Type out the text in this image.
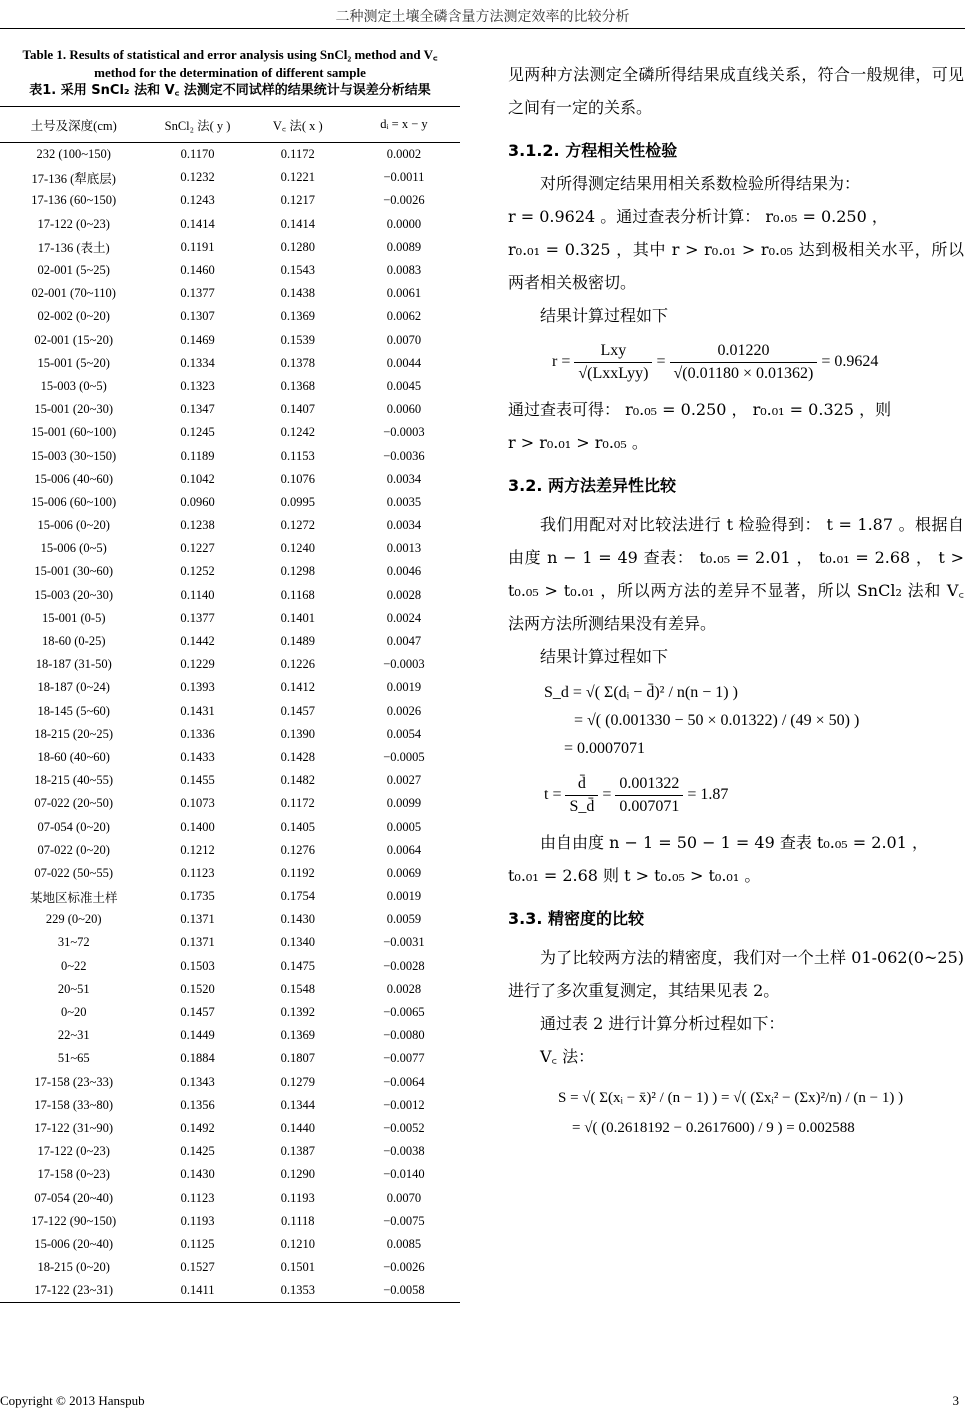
二种测定土壤全磷含量方法测定效率的比较分析
Table 1. Results of statistical and error analysis using SnCl₂ method and V꜀ method for the determination of different sample
表1. 采用 SnCl₂ 法和 V꜀ 法测定不同试样的结果统计与误差分析结果
土号及深度(cm)	SnCl₂ 法( y )	V꜀ 法( x )	dᵢ = x − y
232 (100~150)	0.1170	0.1172	0.0002
17-136 (犁底层)	0.1232	0.1221	−0.0011
17-136 (60~150)	0.1243	0.1217	−0.0026
17-122 (0~23)	0.1414	0.1414	0.0000
17-136 (表土)	0.1191	0.1280	0.0089
02-001 (5~25)	0.1460	0.1543	0.0083
02-001 (70~110)	0.1377	0.1438	0.0061
02-002 (0~20)	0.1307	0.1369	0.0062
02-001 (15~20)	0.1469	0.1539	0.0070
15-001 (5~20)	0.1334	0.1378	0.0044
15-003 (0~5)	0.1323	0.1368	0.0045
15-001 (20~30)	0.1347	0.1407	0.0060
15-001 (60~100)	0.1245	0.1242	−0.0003
15-003 (30~150)	0.1189	0.1153	−0.0036
15-006 (40~60)	0.1042	0.1076	0.0034
15-006 (60~100)	0.0960	0.0995	0.0035
15-006 (0~20)	0.1238	0.1272	0.0034
15-006 (0~5)	0.1227	0.1240	0.0013
15-001 (30~60)	0.1252	0.1298	0.0046
15-003 (20~30)	0.1140	0.1168	0.0028
15-001 (0-5)	0.1377	0.1401	0.0024
18-60 (0-25)	0.1442	0.1489	0.0047
18-187 (31-50)	0.1229	0.1226	−0.0003
18-187 (0~24)	0.1393	0.1412	0.0019
18-145 (5~60)	0.1431	0.1457	0.0026
18-215 (20~25)	0.1336	0.1390	0.0054
18-60 (40~60)	0.1433	0.1428	−0.0005
18-215 (40~55)	0.1455	0.1482	0.0027
07-022 (20~50)	0.1073	0.1172	0.0099
07-054 (0~20)	0.1400	0.1405	0.0005
07-022 (0~20)	0.1212	0.1276	0.0064
07-022 (50~55)	0.1123	0.1192	0.0069
某地区标准土样	0.1735	0.1754	0.0019
229 (0~20)	0.1371	0.1430	0.0059
31~72	0.1371	0.1340	−0.0031
0~22	0.1503	0.1475	−0.0028
20~51	0.1520	0.1548	0.0028
0~20	0.1457	0.1392	−0.0065
22~31	0.1449	0.1369	−0.0080
51~65	0.1884	0.1807	−0.0077
17-158 (23~33)	0.1343	0.1279	−0.0064
17-158 (33~80)	0.1356	0.1344	−0.0012
17-122 (31~90)	0.1492	0.1440	−0.0052
17-122 (0~23)	0.1425	0.1387	−0.0038
17-158 (0~23)	0.1430	0.1290	−0.0140
07-054 (20~40)	0.1123	0.1193	0.0070
17-122 (90~150)	0.1193	0.1118	−0.0075
15-006 (20~40)	0.1125	0.1210	0.0085
18-215 (0~20)	0.1527	0.1501	−0.0026
17-122 (23~31)	0.1411	0.1353	−0.0058

见两种方法测定全磷所得结果成直线关系，符合一般规律，可见之间有一定的关系。

3.1.2. 方程相关性检验

对所得测定结果用相关系数检验所得结果为：

r = 0.9624 。通过查表分析计算： r₀.₀₅ = 0.250 ，

r₀.₀₁ = 0.325 ，其中 r > r₀.₀₁ > r₀.₀₅ 达到极相关水平，所以两者相关极密切。

结果计算过程如下

$r = \frac{\text{Lxy}}{\text{√(LxxLyy)}} = \frac{0.01220}{√(0.01180 \times 0.01362)} = 0.9624$

通过查表可得： r₀.₀₅ = 0.250 ， r₀.₀₁ = 0.325 ，则

r > r₀.₀₁ > r₀.₀₅ 。

3.2. 两方法差异性比较

我们用配对对比较法进行 t 检验得到： t = 1.87 。根据自由度 n − 1 = 49 查表： t₀.₀₅ = 2.01 ， t₀.₀₁ = 2.68 ， t > t₀.₀₅ > t₀.₀₁ ，所以两方法的差异不显著，所以 SnCl₂ 法和 V꜀ 法两方法所测结果没有差异。

结果计算过程如下

S_d = √( Σ(dᵢ − d̄)² / n(n − 1) )
= √( (0.001330 − 50 × 0.01322) / (49 × 50) )
= 0.0007071
$t = \frac{d̄}{S\_d̄} = \frac{0.001322}{0.007071} = 1.87$

由自由度 n − 1 = 50 − 1 = 49 查表 t₀.₀₅ = 2.01 ，

t₀.₀₁ = 2.68 则 t > t₀.₀₅ > t₀.₀₁ 。

3.3. 精密度的比较

为了比较两方法的精密度，我们对一个土样 01-062(0~25)进行了多次重复测定，其结果见表 2。

通过表 2 进行计算分析过程如下：

V꜀ 法：

S = √( Σ(xᵢ − x̄)² / (n − 1) ) = √( (Σxᵢ² − (Σx)²/n) / (n − 1) )
= √( (0.2618192 − 0.2617600) / 9 ) = 0.002588
Copyright © 2013 Hanspub	3
